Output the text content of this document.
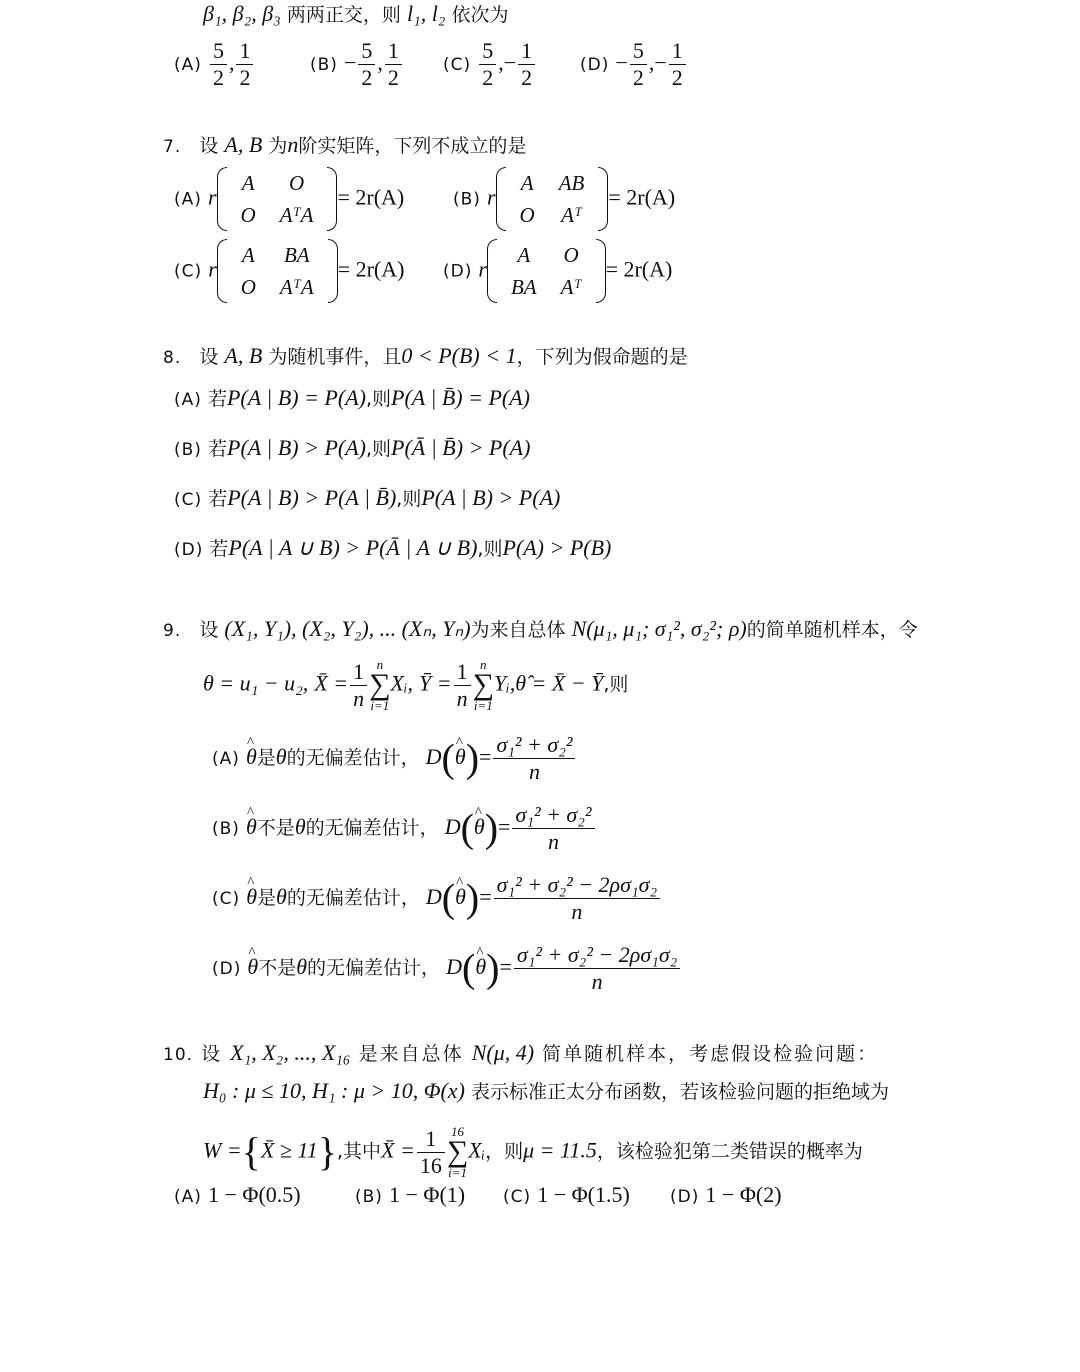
β₁, β₂, β₃ 两两正交，则 l₁, l₂ 依次为
$(A) \frac{5}{2}$ , $\frac{1}{2}$	$(B) - \frac{5}{2}$ , $\frac{1}{2} (C) \frac{5}{2}$ ,− $\frac{1}{2}$	$(D) - \frac{5}{2}$ ,− $\frac{1}{2}$
7. 设 A, B 为n阶实矩阵，下列不成立的是
(A) r
A	O
O	AᵀA
= 2r(A)	(B) r
A	AB
O	Aᵀ
= 2r(A)
(C) r
A	BA
O	AᵀA
= 2r(A) (D) r
A	O
BA	Aᵀ
= 2r(A)
8. 设 A, B 为随机事件，且0 < P(B) < 1，下列为假命题的是
(A) 若P(A | B) = P(A),则P(A | B̄) = P(A)
(B) 若P(A | B) > P(A),则P(Ā | B̄) > P(A)
(C) 若P(A | B) > P(A | B̄),则P(A | B) > P(A)
(D) 若P(A | A ∪ B) > P(Ā | A ∪ B),则P(A) > P(B)
9. 设 (X₁, Y₁), (X₂, Y₂), ... (Xₙ, Yₙ)为来自总体 N(μ₁, μ₁; σ₁², σ₂²; ρ)的简单随机样本，令
θ = u₁ − u₂, X̄ = $\frac{1}{n}$ n
∑
i=1Xᵢ, Ȳ = $\frac{1}{n}$ n
∑
i=1Yᵢ,θ̂ = X̄ − Ȳ,则
(A) ^ θ是θ的无偏差估计， D(^ $\theta)= \frac{\text{σ₁² + σ₂²}}{n}$
(B) ^ θ不是θ的无偏差估计， D(^ $\theta)= \frac{\text{σ₁² + σ₂²}}{n}$
(C) ^ θ是θ的无偏差估计， D(^ $\theta)= \frac{\text{σ₁² + σ₂² − 2ρσ₁σ₂}}{n}$
(D) ^ θ不是θ的无偏差估计， D(^ $\theta)= \frac{\text{σ₁² + σ₂² − 2ρσ₁σ₂}}{n}$
10. 设 X₁, X₂, ..., X₁₆ 是来自总体 N(μ, 4) 简单随机样本，考虑假设检验问题：
H₀ : μ ≤ 10, H₁ : μ > 10, Φ(x) 表示标准正太分布函数，若该检验问题的拒绝域为
W ={X̄ ≥ 11},其中X̄ = $\frac{1}{16} 16$
∑
i=1Xᵢ，则μ = 11.5，该检验犯第二类错误的概率为
(A) 1 − Φ(0.5)	(B) 1 − Φ(1) (C) 1 − Φ(1.5) (D) 1 − Φ(2)
